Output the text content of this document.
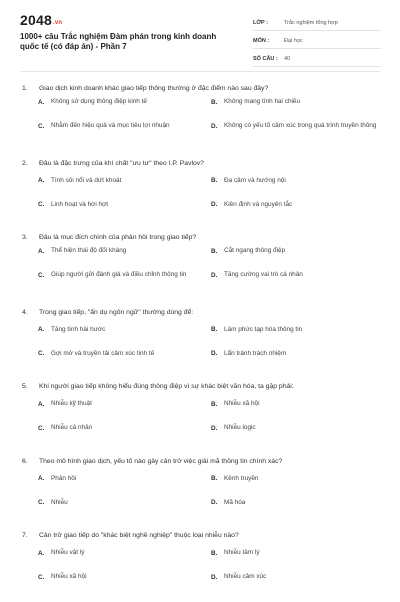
2048.vn
1000+ câu Trắc nghiệm Đàm phán trong kinh doanh quốc tế (có đáp án) - Phần 7
LỚP :	Trắc nghiệm tổng hợp
MÔN :	Đại học
SỐ CÂU :	40
1. Giao dịch kinh doanh khác giao tiếp thông thường ở đặc điểm nào sau đây?
A.	Không sử dụng thông điệp kinh tế	B.	Không mang tính hai chiều
C.	Nhằm đến hiệu quả và mục tiêu lợi nhuận	D.	Không có yếu tố cảm xúc trong quá trình truyền thông
2. Đâu là đặc trưng của khí chất "ưu tư" theo I.P. Pavlov?
A.	Tính sôi nổi và dứt khoát	B.	Đa cảm và hướng nội
C.	Linh hoạt và hời hợt	D.	Kiên định và nguyên tắc
3. Đâu là mục đích chính của phản hồi trong giao tiếp?
A.	Thể hiện thái độ đối kháng	B.	Cắt ngang thông điệp
C.	Giúp người gửi đánh giá và điều chỉnh thông tin	D.	Tăng cường vai trò cá nhân
4. Trong giao tiếp, "ẩn dụ ngôn ngữ" thường dùng để:
A.	Tăng tính hài hước	B.	Làm phức tạp hóa thông tin
C.	Gợi mở và truyền tải cảm xúc tinh tế	D.	Lẩn tránh trách nhiệm
5. Khi người giao tiếp không hiểu đúng thông điệp vì sự khác biệt văn hóa, ta gặp phải:
A.	Nhiễu kỹ thuật	B.	Nhiễu xã hội
C.	Nhiễu cá nhân	D.	Nhiễu logic
6. Theo mô hình giao dịch, yếu tố nào gây cản trở việc giải mã thông tin chính xác?
A.	Phản hồi	B.	Kênh truyền
C.	Nhiễu	D.	Mã hóa
7. Cản trở giao tiếp do "khác biệt nghề nghiệp" thuộc loại nhiễu nào?
A.	Nhiễu vật lý	B.	Nhiễu tâm lý
C.	Nhiễu xã hội	D.	Nhiễu cảm xúc
